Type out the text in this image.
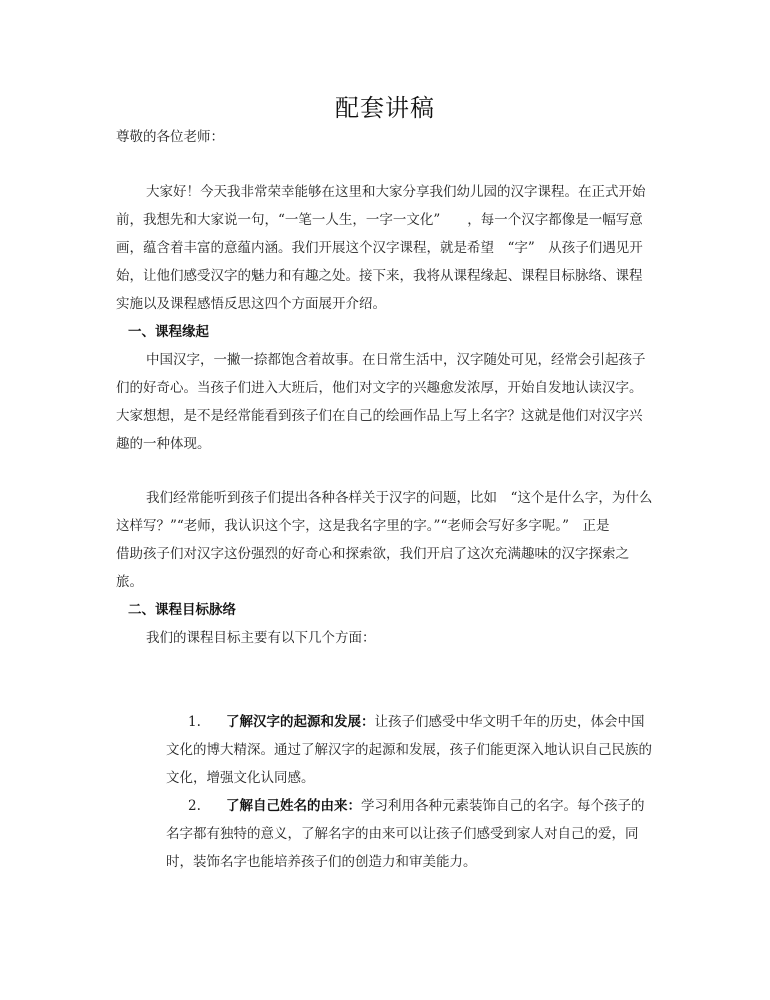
配套讲稿
尊敬的各位老师：
大家好！今天我非常荣幸能够在这里和大家分享我们幼儿园的汉字课程。在正式开始
前，我想先和大家说一句，“一笔一人生，一字一文化”　　，每一个汉字都像是一幅写意
画，蕴含着丰富的意蕴内涵。我们开展这个汉字课程，就是希望　“字”　从孩子们遇见开
始，让他们感受汉字的魅力和有趣之处。接下来，我将从课程缘起、课程目标脉络、课程
实施以及课程感悟反思这四个方面展开介绍。
一、课程缘起
中国汉字，一撇一捺都饱含着故事。在日常生活中，汉字随处可见，经常会引起孩子
们的好奇心。当孩子们进入大班后，他们对文字的兴趣愈发浓厚，开始自发地认读汉字。
大家想想，是不是经常能看到孩子们在自己的绘画作品上写上名字？这就是他们对汉字兴
趣的一种体现。
我们经常能听到孩子们提出各种各样关于汉字的问题，比如　“这个是什么字，为什么
这样写？”“老师，我认识这个字，这是我名字里的字。”“老师会写好多字呢。”　正是
借助孩子们对汉字这份强烈的好奇心和探索欲，我们开启了这次充满趣味的汉字探索之
旅。
二、课程目标脉络
我们的课程目标主要有以下几个方面：
1. 了解汉字的起源和发展：让孩子们感受中华文明千年的历史，体会中国
文化的博大精深。通过了解汉字的起源和发展，孩子们能更深入地认识自己民族的
文化，增强文化认同感。
2. 了解自己姓名的由来：学习利用各种元素装饰自己的名字。每个孩子的
名字都有独特的意义，了解名字的由来可以让孩子们感受到家人对自己的爱，同
时，装饰名字也能培养孩子们的创造力和审美能力。
